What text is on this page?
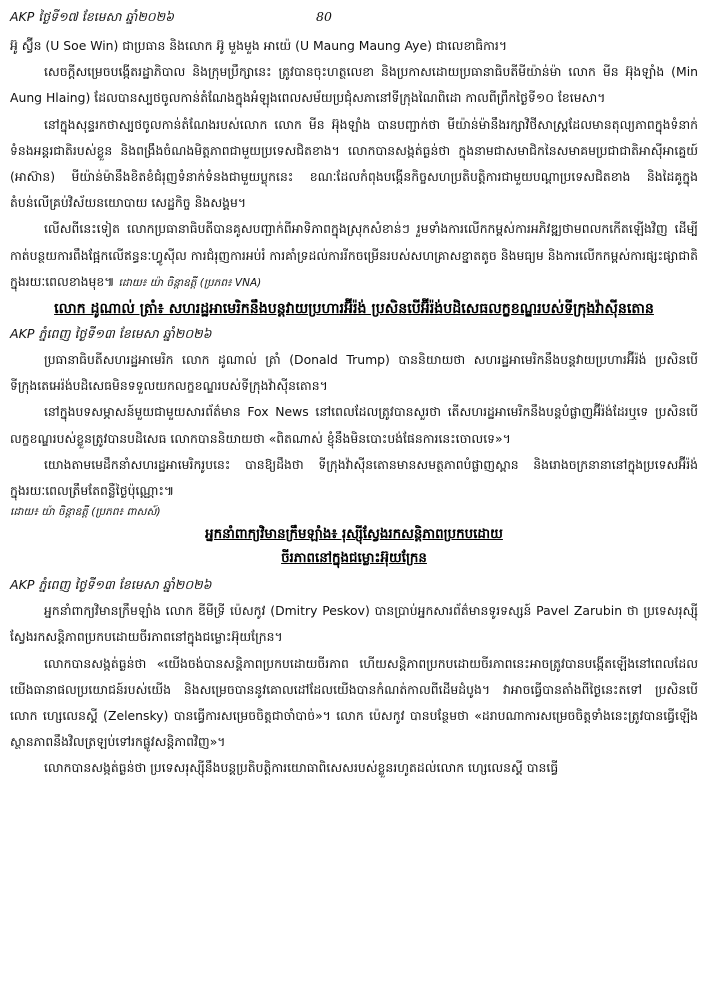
AKP ថ្ងៃទី១៧ ខែមេសា ឆ្នាំ២០២៦	80

អ៊ូ ស្វ៊ីន (U Soe Win) ជាប្រធាន និងលោក អ៊ូ មួងមួង អាយ៉េ (U Maung Maung Aye) ជាលេខាធិការ។

សេចក្ដីសម្រេចបង្កើតរដ្ឋាភិបាល និងក្រុមប្រឹក្សានេះ ត្រូវបានចុះហត្ថលេខា និងប្រកាសដោយប្រធានាធិបតីមីយ៉ាន់ម៉ា លោក មីន អ៊ុងឡាំង (Min Aung Hlaing) ដែលបានស្បថចូលកាន់តំណែងក្នុងអំឡុងពេលសម័យប្រជុំសភានៅទីក្រុងណៃពិដោ កាលពីព្រឹកថ្ងៃទី១០ ខែមេសា។

នៅក្នុងសុន្ទរកថាស្បថចូលកាន់តំណែងរបស់លោក លោក មីន អ៊ុងឡាំង បានបញ្ជាក់ថា មីយ៉ាន់ម៉ានឹងរក្សាវិថីសាស្ត្រដែលមានតុល្យភាពក្នុងទំនាក់ទំនងអន្តរជាតិរបស់ខ្លួន និងពង្រឹងចំណងមិត្តភាពជាមួយប្រទេសជិតខាង។ លោកបានសង្កត់ធ្ងន់ថា ក្នុងនាមជាសមាជិកនៃសមាគមប្រជាជាតិអាស៊ីអាគ្នេយ៍ (អាស៊ាន) មីយ៉ាន់ម៉ានឹងខិតខំជំរុញទំនាក់ទំនងជាមួយប្លុកនេះ ខណៈដែលកំពុងបង្កើនកិច្ចសហប្រតិបត្តិការជាមួយបណ្ដាប្រទេសជិតខាង និងដៃគូក្នុងតំបន់លើគ្រប់វិស័យនយោបាយ សេដ្ឋកិច្ច និងសង្គម។

លើសពីនេះទៀត លោកប្រធានាធិបតីបានគូសបញ្ជាក់ពីអាទិភាពក្នុងស្រុកសំខាន់ៗ រួមទាំងការលើកកម្ពស់ការអភិវឌ្ឍថាមពលកកើតឡើងវិញ ដើម្បីកាត់បន្ថយការពឹងផ្អែកលើឥន្ធនៈហ្វូស៊ីល ការជំរុញការអប់រំ ការគាំទ្រដល់ការរីកចម្រើនរបស់សហគ្រាសខ្នាតតូច និងមធ្យម និងការលើកកម្ពស់ការផ្សះផ្សាជាតិក្នុងរយៈពេលខាងមុខ៕ ដោយ៖ យ៉ា ចិន្តាឧត្ដី (ប្រភព៖ VNA)

លោក ដូណាល់ ត្រាំ៖ សហរដ្ឋអាមេរិកនឹងបន្តវាយប្រហារអ៊ីរ៉ង់ ប្រសិនបើអ៊ីរ៉ង់បដិសេធលក្ខខណ្ឌរបស់ទីក្រុងវ៉ាស៊ីនតោន

AKP ភ្នំពេញ ថ្ងៃទី១៣ ខែមេសា ឆ្នាំ២០២៦

ប្រធានាធិបតីសហរដ្ឋអាមេរិក លោក ដូណាល់ ត្រាំ (Donald Trump) បាននិយាយថា សហរដ្ឋអាមេរិកនឹងបន្តវាយប្រហារអ៊ីរ៉ង់ ប្រសិនបើទីក្រុងតេអេរ៉ង់បដិសេធមិនទទួលយកលក្ខខណ្ឌរបស់ទីក្រុងវ៉ាស៊ីនតោន។

នៅក្នុងបទសម្ភាសន៍មួយជាមួយសារព័ត៌មាន Fox News នៅពេលដែលត្រូវបានសួរថា តើសហរដ្ឋអាមេរិកនឹងបន្តបំផ្លាញអ៊ីរ៉ង់ដែរឬទេ ប្រសិនបើលក្ខខណ្ឌរបស់ខ្លួនត្រូវបានបដិសេធ លោកបាននិយាយថា «ពិតណាស់ ខ្ញុំនឹងមិនបោះបង់ផែនការនេះចោលទេ»។

យោងតាមមេដឹកនាំសហរដ្ឋអាមេរិករូបនេះ បានឱ្យដឹងថា ទីក្រុងវ៉ាស៊ីនតោនមានសមត្ថភាពបំផ្លាញស្ពាន និងរោងចក្រនានានៅក្នុងប្រទេសអ៊ីរ៉ង់ក្នុងរយៈពេលត្រឹមតែពន្លឺថ្ងៃប៉ុណ្ណោះ៕

ដោយ៖ យ៉ា ចិន្តាឧត្ដី (ប្រភព៖ ពាសស៍)

អ្នកនាំពាក្យវិមានក្រឹមឡាំង៖ រុស្ស៊ីស្វែងរកសន្តិភាពប្រកបដោយ
ចីរភាពនៅក្នុងជម្លោះអ៊ុយក្រែន

AKP ភ្នំពេញ ថ្ងៃទី១៣ ខែមេសា ឆ្នាំ២០២៦

អ្នកនាំពាក្យវិមានក្រឹមឡាំង លោក ឌីមីទ្រី ប៉េសកូវ (Dmitry Peskov) បានប្រាប់អ្នកសារព័ត៌មានទូរទស្សន៍ Pavel Zarubin ថា ប្រទេសរុស្ស៊ីស្វែងរកសន្តិភាពប្រកបដោយចីរភាពនៅក្នុងជម្លោះអ៊ុយក្រែន។

លោកបានសង្កត់ធ្ងន់ថា «យើងចង់បានសន្តិភាពប្រកបដោយចីរភាព ហើយសន្តិភាពប្រកបដោយចីរភាពនេះអាចត្រូវបានបង្កើតឡើងនៅពេលដែលយើងធានាផលប្រយោជន៍របស់យើង និងសម្រេចបាននូវគោលដៅដែលយើងបានកំណត់កាលពីដើមដំបូង។ វាអាចធ្វើបានតាំងពីថ្ងៃនេះតទៅ ប្រសិនបើលោក ហ្សេលេនស្គី (Zelensky) បានធ្វើការសម្រេចចិត្តជាចាំបាច់»។ លោក ប៉េសកូវ បានបន្ថែមថា «ដរាបណាការសម្រេចចិត្តទាំងនេះត្រូវបានធ្វើឡើង ស្ថានភាពនឹងវិលត្រឡប់ទៅរកផ្លូវសន្តិភាពវិញ»។

លោកបានសង្កត់ធ្ងន់ថា ប្រទេសរុស្ស៊ីនឹងបន្តប្រតិបត្តិការយោធាពិសេសរបស់ខ្លួនរហូតដល់លោក ហ្សេលេនស្គី បានធ្វើ
